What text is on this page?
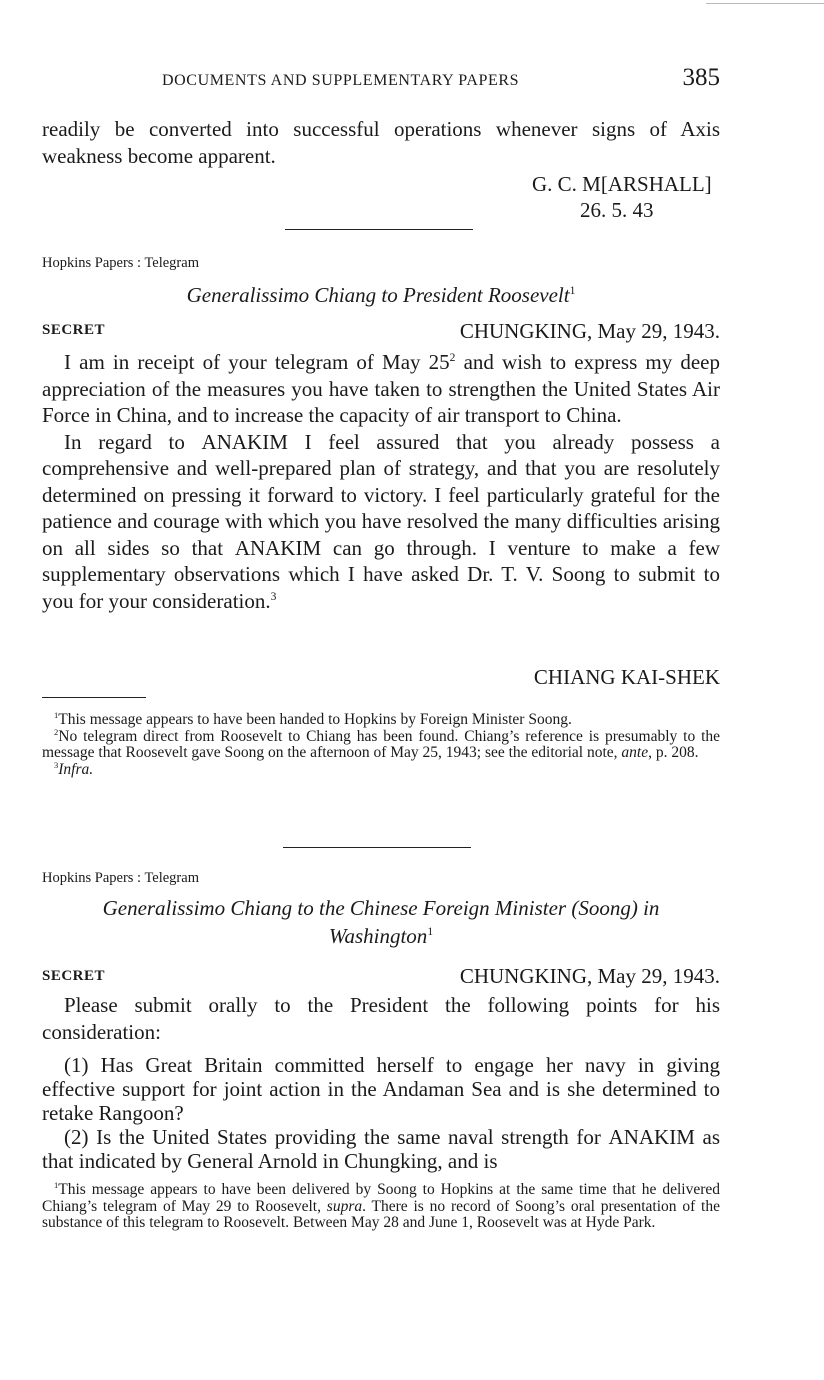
DOCUMENTS AND SUPPLEMENTARY PAPERS	385

readily be converted into successful operations whenever signs of Axis weakness become apparent.

G. C. M[ARSHALL]
26. 5. 43
Hopkins Papers : Telegram
Generalissimo Chiang to President Roosevelt$^1$
SECRET	CHUNGKING, May 29, 1943.

I am in receipt of your telegram of May $25^2$ and wish to express my deep appreciation of the measures you have taken to strengthen the United States Air Force in China, and to increase the capacity of air transport to China.

In regard to ANAKIM I feel assured that you already possess a comprehensive and well-prepared plan of strategy, and that you are resolutely determined on pressing it forward to victory. I feel particularly grateful for the patience and courage with which you have resolved the many difficulties arising on all sides so that ANAKIM can go through. I venture to make a few supplementary observations which I have asked Dr. T. V. Soong to submit to you for your consideration.$^3$

CHIANG KAI-SHEK

$^1$This message appears to have been handed to Hopkins by Foreign Minister Soong.

$^2$No telegram direct from Roosevelt to Chiang has been found. Chiang’s reference is presumably to the message that Roosevelt gave Soong on the afternoon of May 25, 1943; see the editorial note, ante, p. 208.

$^3$Infra.

Hopkins Papers : Telegram
Generalissimo Chiang to the Chinese Foreign Minister (Soong) in Washington$^1$
SECRET	CHUNGKING, May 29, 1943.

Please submit orally to the President the following points for his consideration:

(1) Has Great Britain committed herself to engage her navy in giving effective support for joint action in the Andaman Sea and is she determined to retake Rangoon?

(2) Is the United States providing the same naval strength for ANAKIM as that indicated by General Arnold in Chungking, and is

$^1$This message appears to have been delivered by Soong to Hopkins at the same time that he delivered Chiang’s telegram of May 29 to Roosevelt, supra. There is no record of Soong’s oral presentation of the substance of this telegram to Roosevelt. Between May 28 and June 1, Roosevelt was at Hyde Park.
